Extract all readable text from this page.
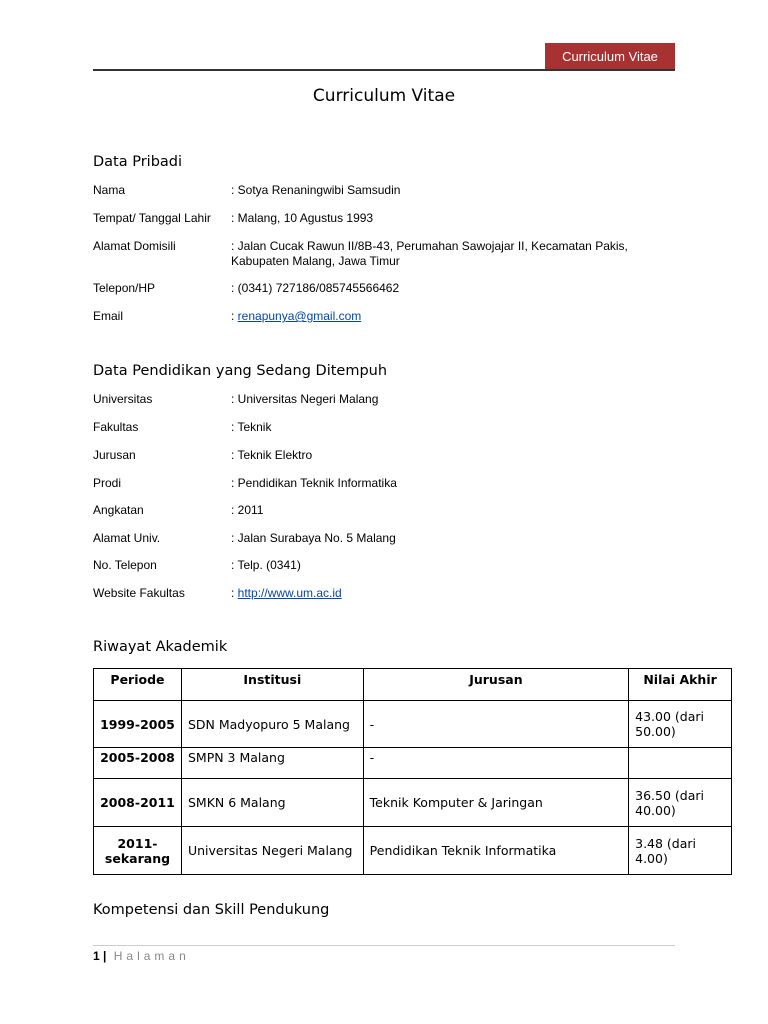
Curriculum Vitae
Curriculum Vitae
Data Pribadi
Nama	: Sotya Renaningwibi Samsudin
Tempat/ Tanggal Lahir : Malang, 10 Agustus 1993
Alamat Domisili	: Jalan Cucak Rawun II/8B-43, Perumahan Sawojajar II, Kecamatan Pakis,
Kabupaten Malang, Jawa Timur
Telepon/HP	: (0341) 727186/085745566462
Email	: renapunya@gmail.com
Data Pendidikan yang Sedang Ditempuh
Universitas	: Universitas Negeri Malang
Fakultas	: Teknik
Jurusan	: Teknik Elektro
Prodi	: Pendidikan Teknik Informatika
Angkatan	: 2011
Alamat Univ.	: Jalan Surabaya No. 5 Malang
No. Telepon	: Telp. (0341)
Website Fakultas	: http://www.um.ac.id
Riwayat Akademik
Periode	Institusi	Jurusan	Nilai Akhir
1999-2005	SDN Madyopuro 5 Malang	-	43.00 (dari 50.00)
2005-2008	SMPN 3 Malang	-	
2008-2011	SMKN 6 Malang	Teknik Komputer & Jaringan	36.50 (dari 40.00)
2011-sekarang	Universitas Negeri Malang	Pendidikan Teknik Informatika	3.48 (dari 4.00)
Kompetensi dan Skill Pendukung
1 | Halaman
